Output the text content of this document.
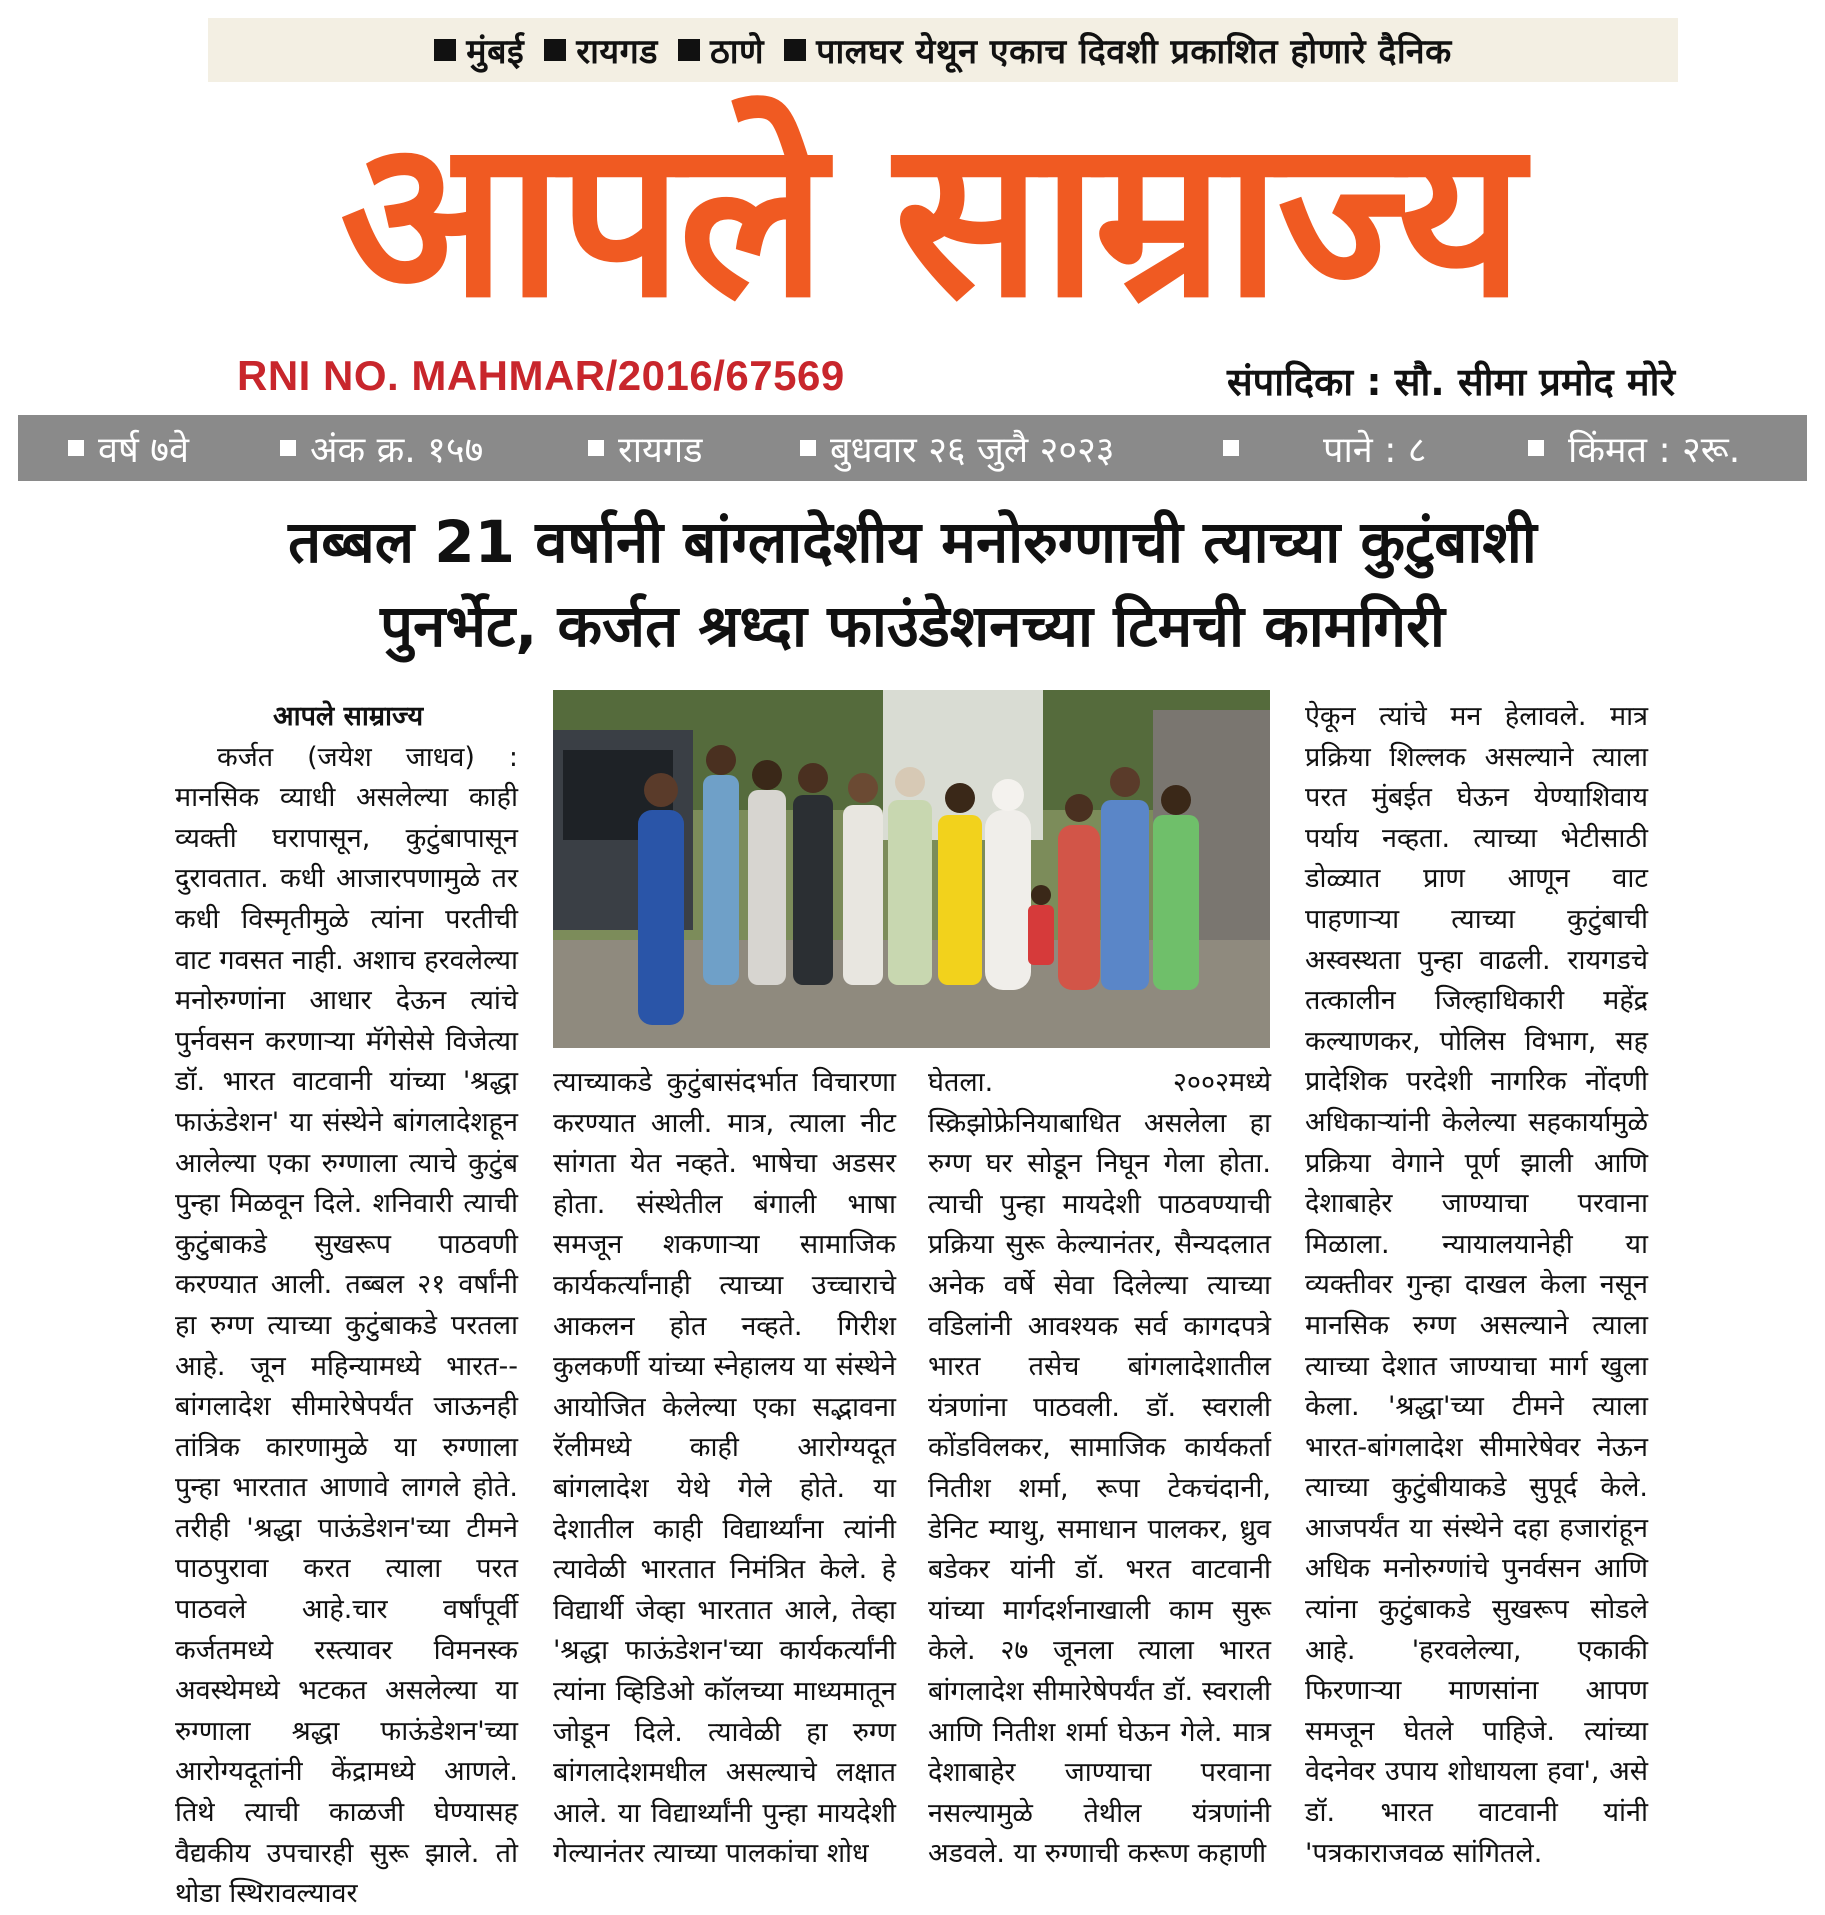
मुंबई रायगड ठाणे पालघर येथून एकाच दिवशी प्रकाशित होणारे दैनिक
आपले साम्राज्य
RNI NO. MAHMAR/2016/67569	संपादिका : सौ. सीमा प्रमोद मोरे
वर्ष ७वे	अंक क्र. १५७	रायगड	बुधवार २६ जुलै २०२३	पाने : ८	किंमत : २रू.
तब्बल 21 वर्षानी बांग्लादेशीय मनोरुग्णाची त्याच्या कुटुंबाशी
पुनर्भेट, कर्जत श्रध्दा फाउंडेशनच्या टिमची कामगिरी

आपले साम्राज्य

कर्जत (जयेश जाधव) : मानसिक व्याधी असलेल्या काही व्यक्ती घरापासून, कुटुंबापासून दुरावतात. कधी आजारपणामुळे तर कधी विस्मृतीमुळे त्यांना परतीची वाट गवसत नाही. अशाच हरवलेल्या मनोरुग्णांना आधार देऊन त्यांचे पुर्नवसन करणाऱ्या मॅगेसेसे विजेत्या डॉ. भारत वाटवानी यांच्या 'श्रद्धा फाऊंडेशन' या संस्थेने बांगलादेशहून आलेल्या एका रुग्णाला त्याचे कुटुंब पुन्हा मिळवून दिले. शनिवारी त्याची कुटुंबाकडे सुखरूप पाठवणी करण्यात आली. तब्बल २१ वर्षांनी हा रुग्ण त्याच्या कुटुंबाकडे परतला आहे. जून महिन्यामध्ये भारत--बांगलादेश सीमारेषेपर्यंत जाऊनही तांत्रिक कारणामुळे या रुग्णाला पुन्हा भारतात आणावे लागले होते. तरीही 'श्रद्धा पाऊंडेशन'च्या टीमने पाठपुरावा करत त्याला परत पाठवले आहे.चार वर्षांपूर्वी कर्जतमध्ये रस्त्यावर विमनस्क अवस्थेमध्ये भटकत असलेल्या या रुग्णाला श्रद्धा फाऊंडेशन'च्या आरोग्यदूतांनी केंद्रामध्ये आणले. तिथे त्याची काळजी घेण्यासह वैद्यकीय उपचारही सुरू झाले. तो थोडा स्थिरावल्यावर

त्याच्याकडे कुटुंबासंदर्भात विचारणा करण्यात आली. मात्र, त्याला नीट सांगता येत नव्हते. भाषेचा अडसर होता. संस्थेतील बंगाली भाषा समजून शकणाऱ्या सामाजिक कार्यकर्त्यांनाही त्याच्या उच्चाराचे आकलन होत नव्हते. गिरीश कुलकर्णी यांच्या स्नेहालय या संस्थेने आयोजित केलेल्या एका सद्भावना रॅलीमध्ये काही आरोग्यदूत बांगलादेश येथे गेले होते. या देशातील काही विद्यार्थ्यांना त्यांनी त्यावेळी भारतात निमंत्रित केले. हे विद्यार्थी जेव्हा भारतात आले, तेव्हा 'श्रद्धा फाऊंडेशन'च्या कार्यकर्त्यांनी त्यांना व्हिडिओ कॉलच्या माध्यमातून जोडून दिले. त्यावेळी हा रुग्ण बांगलादेशमधील असल्याचे लक्षात आले. या विद्यार्थ्यांनी पुन्हा मायदेशी गेल्यानंतर त्याच्या पालकांचा शोध

घेतला. २००२मध्ये स्क्रिझोफ्रेनियाबाधित असलेला हा रुग्ण घर सोडून निघून गेला होता. त्याची पुन्हा मायदेशी पाठवण्याची प्रक्रिया सुरू केल्यानंतर, सैन्यदलात अनेक वर्षे सेवा दिलेल्या त्याच्या वडिलांनी आवश्यक सर्व कागदपत्रे भारत तसेच बांगलादेशातील यंत्रणांना पाठवली. डॉ. स्वराली कोंडविलकर, सामाजिक कार्यकर्ता नितीश शर्मा, रूपा टेकचंदानी, डेनिट म्याथु, समाधान पालकर, ध्रुव बडेकर यांनी डॉ. भरत वाटवानी यांच्या मार्गदर्शनाखाली काम सुरू केले. २७ जूनला त्याला भारत बांगलादेश सीमारेषेपर्यंत डॉ. स्वराली आणि नितीश शर्मा घेऊन गेले. मात्र देशाबाहेर जाण्याचा परवाना नसल्यामुळे तेथील यंत्रणांनी अडवले. या रुग्णाची करूण कहाणी

ऐकून त्यांचे मन हेलावले. मात्र प्रक्रिया शिल्लक असल्याने त्याला परत मुंबईत घेऊन येण्याशिवाय पर्याय नव्हता. त्याच्या भेटीसाठी डोळ्यात प्राण आणून वाट पाहणाऱ्या त्याच्या कुटुंबाची अस्वस्थता पुन्हा वाढली. रायगडचे तत्कालीन जिल्हाधिकारी महेंद्र कल्याणकर, पोलिस विभाग, सह प्रादेशिक परदेशी नागरिक नोंदणी अधिकाऱ्यांनी केलेल्या सहकार्यामुळे प्रक्रिया वेगाने पूर्ण झाली आणि देशाबाहेर जाण्याचा परवाना मिळाला. न्यायालयानेही या व्यक्तीवर गुन्हा दाखल केला नसून मानसिक रुग्ण असल्याने त्याला त्याच्या देशात जाण्याचा मार्ग खुला केला. 'श्रद्धा'च्या टीमने त्याला भारत-बांगलादेश सीमारेषेवर नेऊन त्याच्या कुटुंबीयाकडे सुपूर्द केले. आजपर्यंत या संस्थेने दहा हजारांहून अधिक मनोरुग्णांचे पुनर्वसन आणि त्यांना कुटुंबाकडे सुखरूप सोडले आहे. 'हरवलेल्या, एकाकी फिरणाऱ्या माणसांना आपण समजून घेतले पाहिजे. त्यांच्या वेदनेवर उपाय शोधायला हवा', असे डॉ. भारत वाटवानी यांनी 'पत्रकाराजवळ सांगितले.
